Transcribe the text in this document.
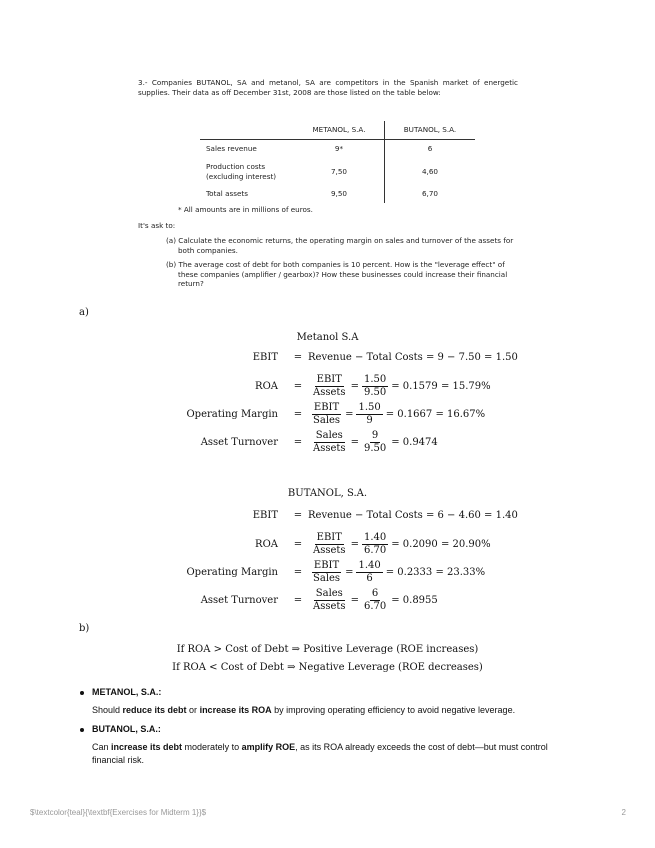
3.- Companies BUTANOL, SA and metanol, SA are competitors in the Spanish market of energetic supplies. Their data as off December 31st, 2008 are those listed on the table below:

	METANOL, S.A.	BUTANOL, S.A.
Sales revenue	9*	6
Production costs (excluding interest)	7,50	4,60
Total assets	9,50	6,70
* All amounts are in millions of euros.
It's ask to:
(a) Calculate the economic returns, the operating margin on sales and turnover of the assets for both companies.
(b) The average cost of debt for both companies is 10 percent. How is the "leverage effect" of these companies (amplifier / gearbox)? How these businesses could increase their financial return?
a)
Metanol S.A
EBIT	= Revenue − Total Costs = 9 − 7.50 = 1.50
ROA	= $\frac{\text{EBIT}}{\text{Assets}} = \frac{1.50}{9.50} = 0.1579 = 15.79\%$
Operating Margin	= $\frac{\text{EBIT}}{\text{Sales}} = \frac{1.50}{9} = 0.1667 = 16.67\%$
Asset Turnover	= $\frac{\text{Sales}}{\text{Assets}} = \frac{9}{9.50} = 0.9474$
BUTANOL, S.A.
EBIT	= Revenue − Total Costs = 6 − 4.60 = 1.40
ROA	= $\frac{\text{EBIT}}{\text{Assets}} = \frac{1.40}{6.70} = 0.2090 = 20.90\%$
Operating Margin	= $\frac{\text{EBIT}}{\text{Sales}} = \frac{1.40}{6} = 0.2333 = 23.33\%$
Asset Turnover	= $\frac{\text{Sales}}{\text{Assets}} = \frac{6}{6.70} = 0.8955$
b)
If ROA > Cost of Debt ⇒ Positive Leverage (ROE increases)
If ROA < Cost of Debt ⇒ Negative Leverage (ROE decreases)
METANOL, S.A.:
Should reduce its debt or increase its ROA by improving operating efficiency to avoid negative leverage.
BUTANOL, S.A.:
Can increase its debt moderately to amplify ROE, as its ROA already exceeds the cost of debt—but must control financial risk.
$\textcolor{teal}{\textbf{Exercises for Midterm 1}}$	2
